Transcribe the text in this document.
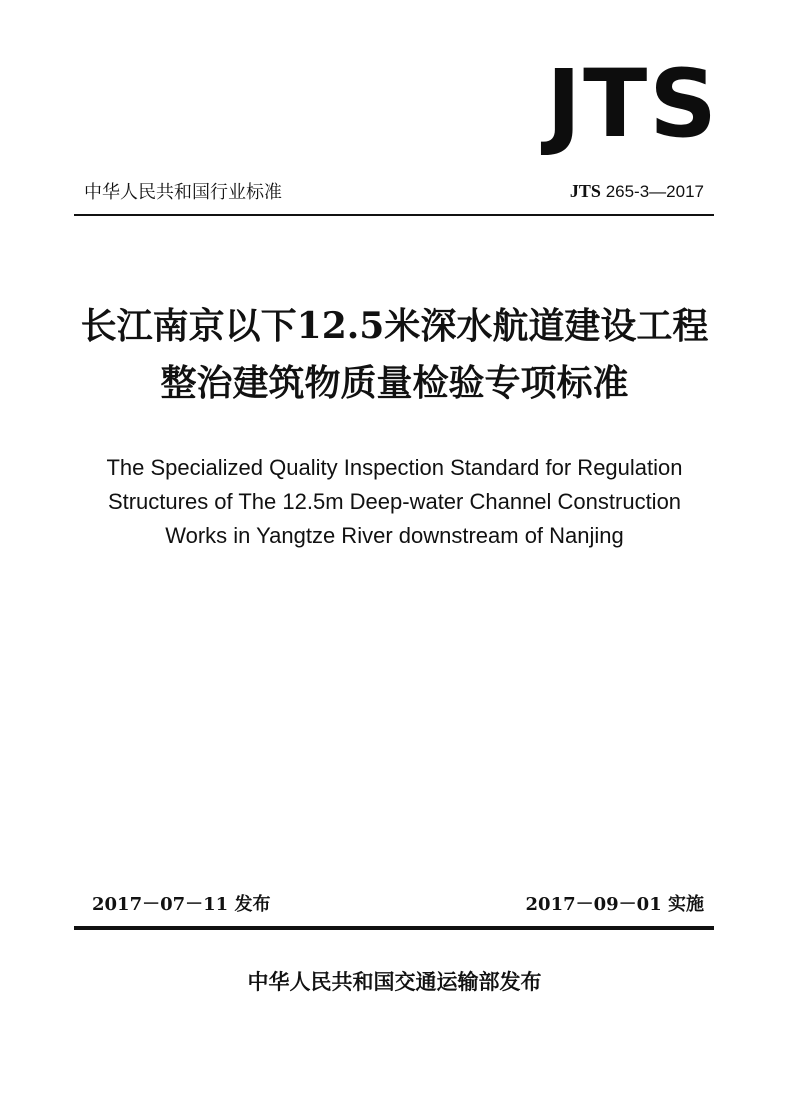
JTS
中华人民共和国行业标准	JTS 265-3—2017
长江南京以下12.5米深水航道建设工程
整治建筑物质量检验专项标准
The Specialized Quality Inspection Standard for Regulation
Structures of The 12.5m Deep-water Channel Construction
Works in Yangtze River downstream of Nanjing
2017－07－11 发布	2017－09－01 实施
中华人民共和国交通运输部发布
